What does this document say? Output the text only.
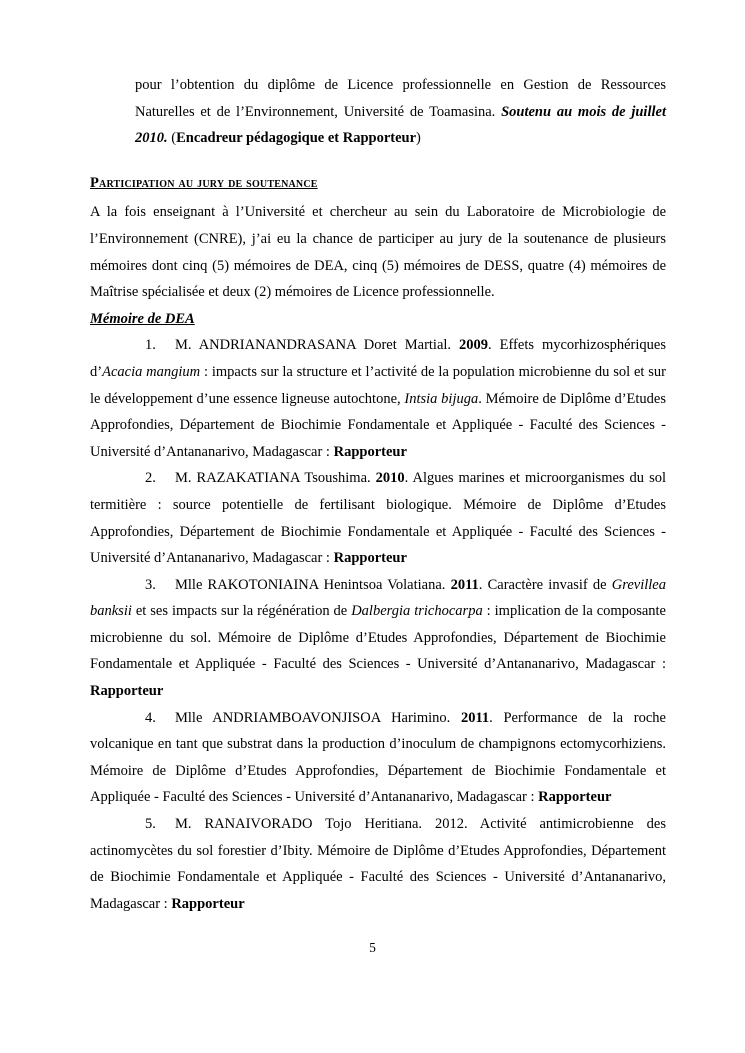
pour l’obtention du diplôme de Licence professionnelle en Gestion de Ressources Naturelles et de l’Environnement, Université de Toamasina. Soutenu au mois de juillet 2010. (Encadreur pédagogique et Rapporteur)

Participation au jury de soutenance

A la fois enseignant à l’Université et chercheur au sein du Laboratoire de Microbiologie de l’Environnement (CNRE), j’ai eu la chance de participer au jury de la soutenance de plusieurs mémoires dont cinq (5) mémoires de DEA, cinq (5) mémoires de DESS, quatre (4) mémoires de Maîtrise spécialisée et deux (2) mémoires de Licence professionnelle.

Mémoire de DEA

1. M. ANDRIANANDRASANA Doret Martial. 2009. Effets mycorhizosphériques d’Acacia mangium : impacts sur la structure et l’activité de la population microbienne du sol et sur le développement d’une essence ligneuse autochtone, Intsia bijuga. Mémoire de Diplôme d’Etudes Approfondies, Département de Biochimie Fondamentale et Appliquée - Faculté des Sciences - Université d’Antananarivo, Madagascar : Rapporteur

2. M. RAZAKATIANA Tsoushima. 2010. Algues marines et microorganismes du sol termitière : source potentielle de fertilisant biologique. Mémoire de Diplôme d’Etudes Approfondies, Département de Biochimie Fondamentale et Appliquée - Faculté des Sciences - Université d’Antananarivo, Madagascar : Rapporteur

3. Mlle RAKOTONIAINA Henintsoa Volatiana. 2011. Caractère invasif de Grevillea banksii et ses impacts sur la régénération de Dalbergia trichocarpa : implication de la composante microbienne du sol. Mémoire de Diplôme d’Etudes Approfondies, Département de Biochimie Fondamentale et Appliquée - Faculté des Sciences - Université d’Antananarivo, Madagascar : Rapporteur

4. Mlle ANDRIAMBOAVONJISOA Harimino. 2011. Performance de la roche volcanique en tant que substrat dans la production d’inoculum de champignons ectomycorhiziens. Mémoire de Diplôme d’Etudes Approfondies, Département de Biochimie Fondamentale et Appliquée - Faculté des Sciences - Université d’Antananarivo, Madagascar : Rapporteur

5. M. RANAIVORADO Tojo Heritiana. 2012. Activité antimicrobienne des actinomycètes du sol forestier d’Ibity. Mémoire de Diplôme d’Etudes Approfondies, Département de Biochimie Fondamentale et Appliquée - Faculté des Sciences - Université d’Antananarivo, Madagascar : Rapporteur

5
